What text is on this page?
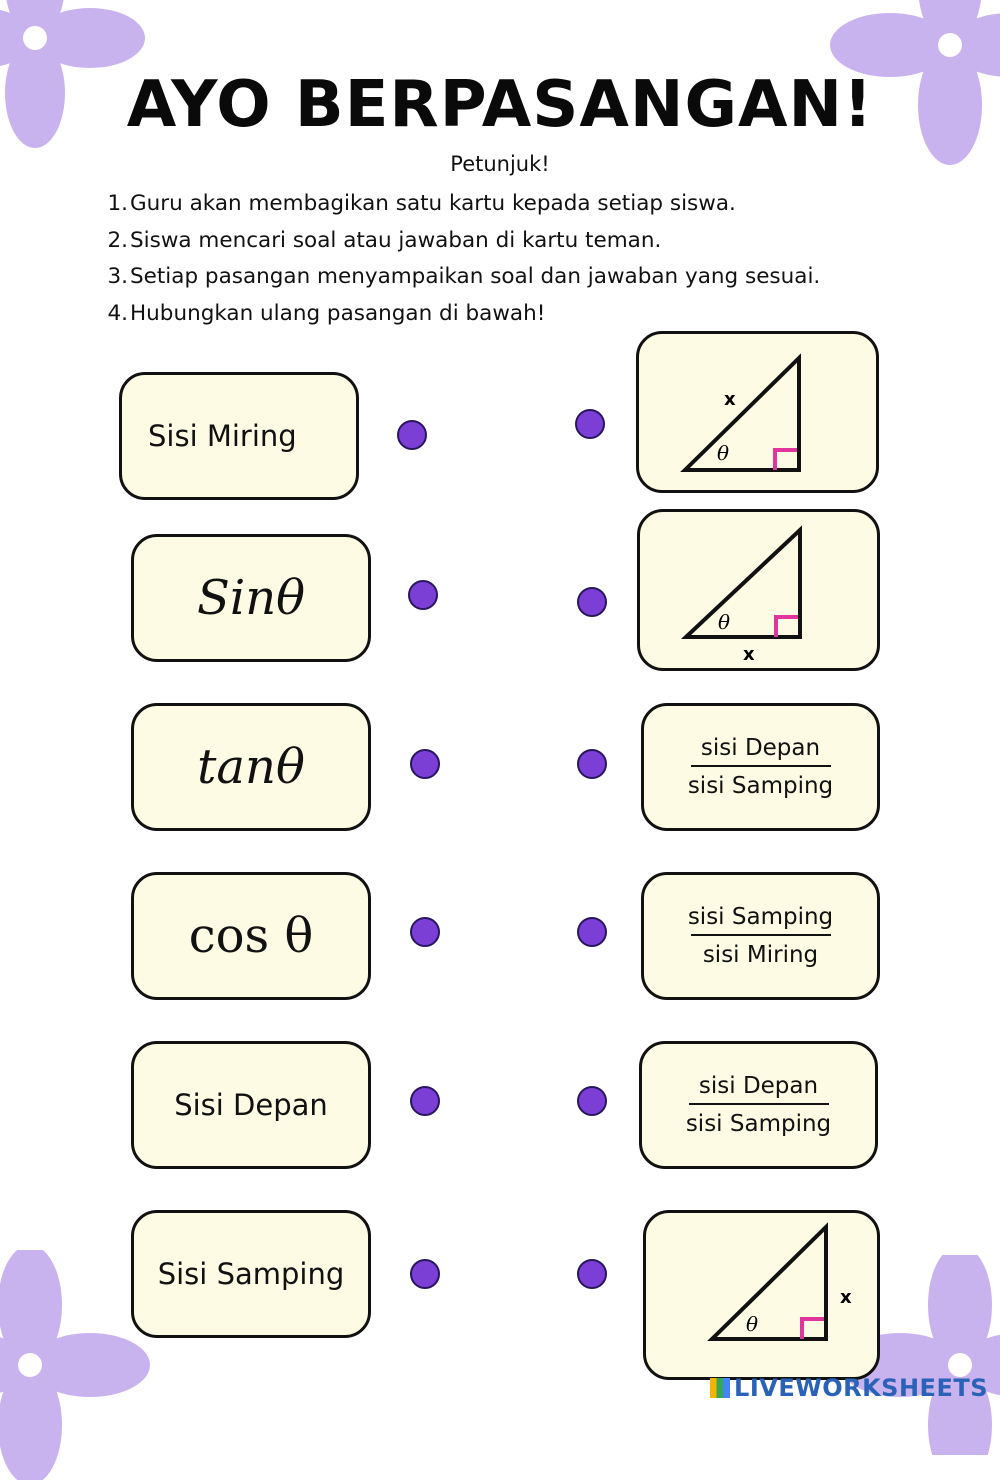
AYO BERPASANGAN!
Petunjuk!
1. Guru akan membagikan satu kartu kepada setiap siswa.
2. Siswa mencari soal atau jawaban di kartu teman.
3. Setiap pasangan menyampaikan soal dan jawaban yang sesuai.
4. Hubungkan ulang pasangan di bawah!
Sisi Miring
Sinθ
tanθ
cos θ
Sisi Depan
Sisi Samping
x
θ
θ
x
sisi Depan
sisi Samping
sisi Samping
sisi Miring
sisi Depan
sisi Samping
θ
x
LIVEWORKSHEETS
